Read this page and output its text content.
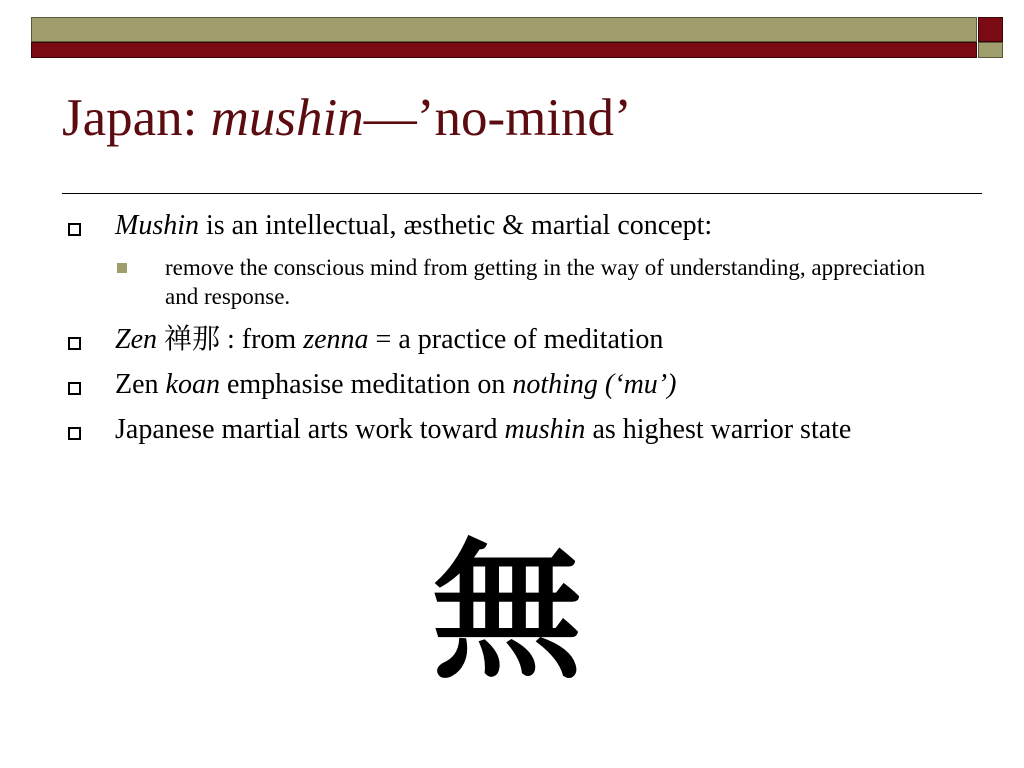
Japan: mushin—’no-mind’
Mushin is an intellectual, æsthetic & martial concept:
remove the conscious mind from getting in the way of understanding, appreciation and response.
Zen 禅那 : from zenna = a practice of meditation
Zen koan emphasise meditation on nothing (‘mu’)
Japanese martial arts work toward mushin as highest warrior state
無
